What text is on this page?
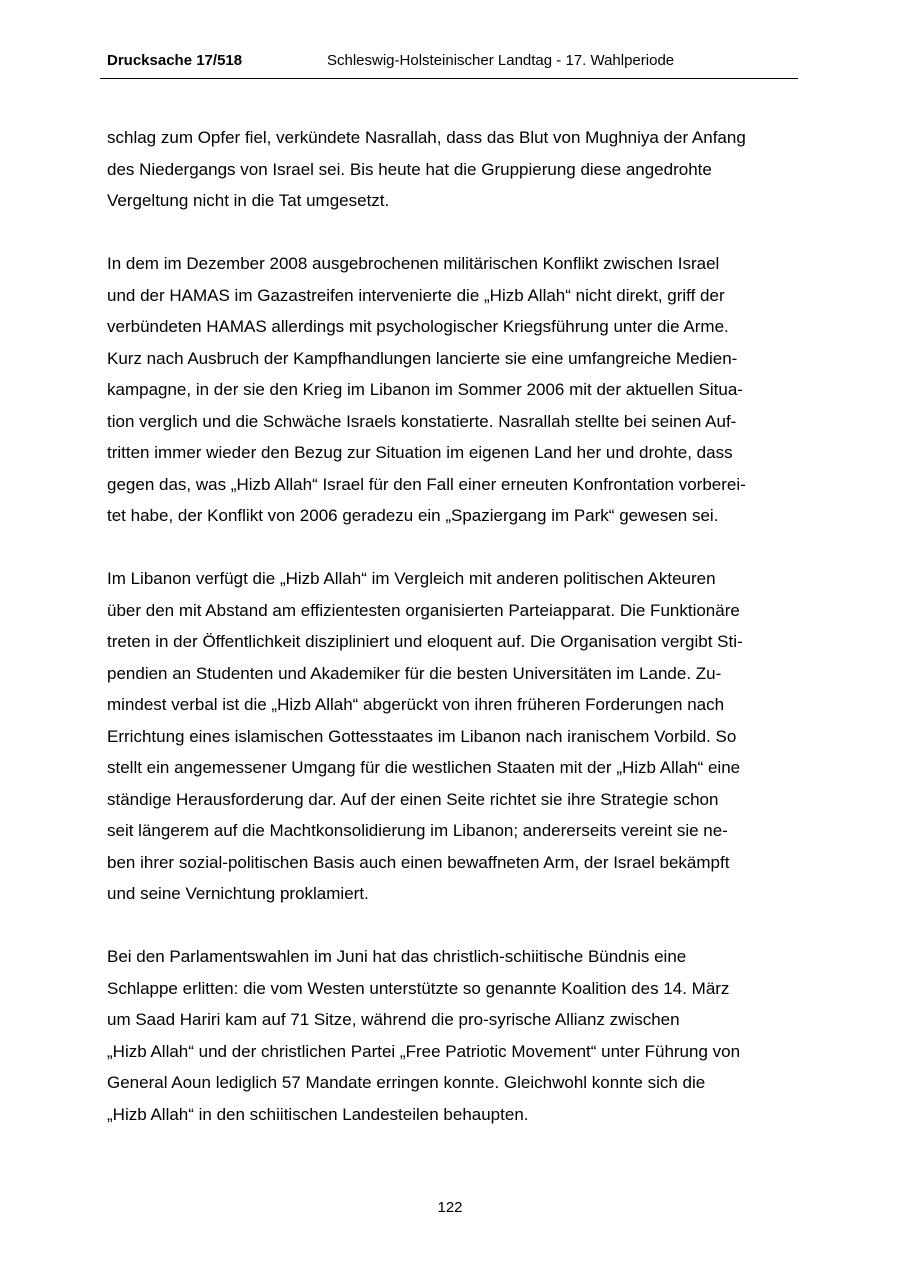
Drucksache 17/518	Schleswig-Holsteinischer Landtag - 17. Wahlperiode

schlag zum Opfer fiel, verkündete Nasrallah, dass das Blut von Mughniya der Anfang
des Niedergangs von Israel sei. Bis heute hat die Gruppierung diese angedrohte
Vergeltung nicht in die Tat umgesetzt.

In dem im Dezember 2008 ausgebrochenen militärischen Konflikt zwischen Israel
und der HAMAS im Gazastreifen intervenierte die „Hizb Allah“ nicht direkt, griff der
verbündeten HAMAS allerdings mit psychologischer Kriegsführung unter die Arme.
Kurz nach Ausbruch der Kampfhandlungen lancierte sie eine umfangreiche Medien-
kampagne, in der sie den Krieg im Libanon im Sommer 2006 mit der aktuellen Situa-
tion verglich und die Schwäche Israels konstatierte. Nasrallah stellte bei seinen Auf-
tritten immer wieder den Bezug zur Situation im eigenen Land her und drohte, dass
gegen das, was „Hizb Allah“ Israel für den Fall einer erneuten Konfrontation vorberei-
tet habe, der Konflikt von 2006 geradezu ein „Spaziergang im Park“ gewesen sei.

Im Libanon verfügt die „Hizb Allah“ im Vergleich mit anderen politischen Akteuren
über den mit Abstand am effizientesten organisierten Parteiapparat. Die Funktionäre
treten in der Öffentlichkeit diszipliniert und eloquent auf. Die Organisation vergibt Sti-
pendien an Studenten und Akademiker für die besten Universitäten im Lande. Zu-
mindest verbal ist die „Hizb Allah“ abgerückt von ihren früheren Forderungen nach
Errichtung eines islamischen Gottesstaates im Libanon nach iranischem Vorbild. So
stellt ein angemessener Umgang für die westlichen Staaten mit der „Hizb Allah“ eine
ständige Herausforderung dar. Auf der einen Seite richtet sie ihre Strategie schon
seit längerem auf die Machtkonsolidierung im Libanon; andererseits vereint sie ne-
ben ihrer sozial-politischen Basis auch einen bewaffneten Arm, der Israel bekämpft
und seine Vernichtung proklamiert.

Bei den Parlamentswahlen im Juni hat das christlich-schiitische Bündnis eine
Schlappe erlitten: die vom Westen unterstützte so genannte Koalition des 14. März
um Saad Hariri kam auf 71 Sitze, während die pro-syrische Allianz zwischen
„Hizb Allah“ und der christlichen Partei „Free Patriotic Movement“ unter Führung von
General Aoun lediglich 57 Mandate erringen konnte. Gleichwohl konnte sich die
„Hizb Allah“ in den schiitischen Landesteilen behaupten.

122
